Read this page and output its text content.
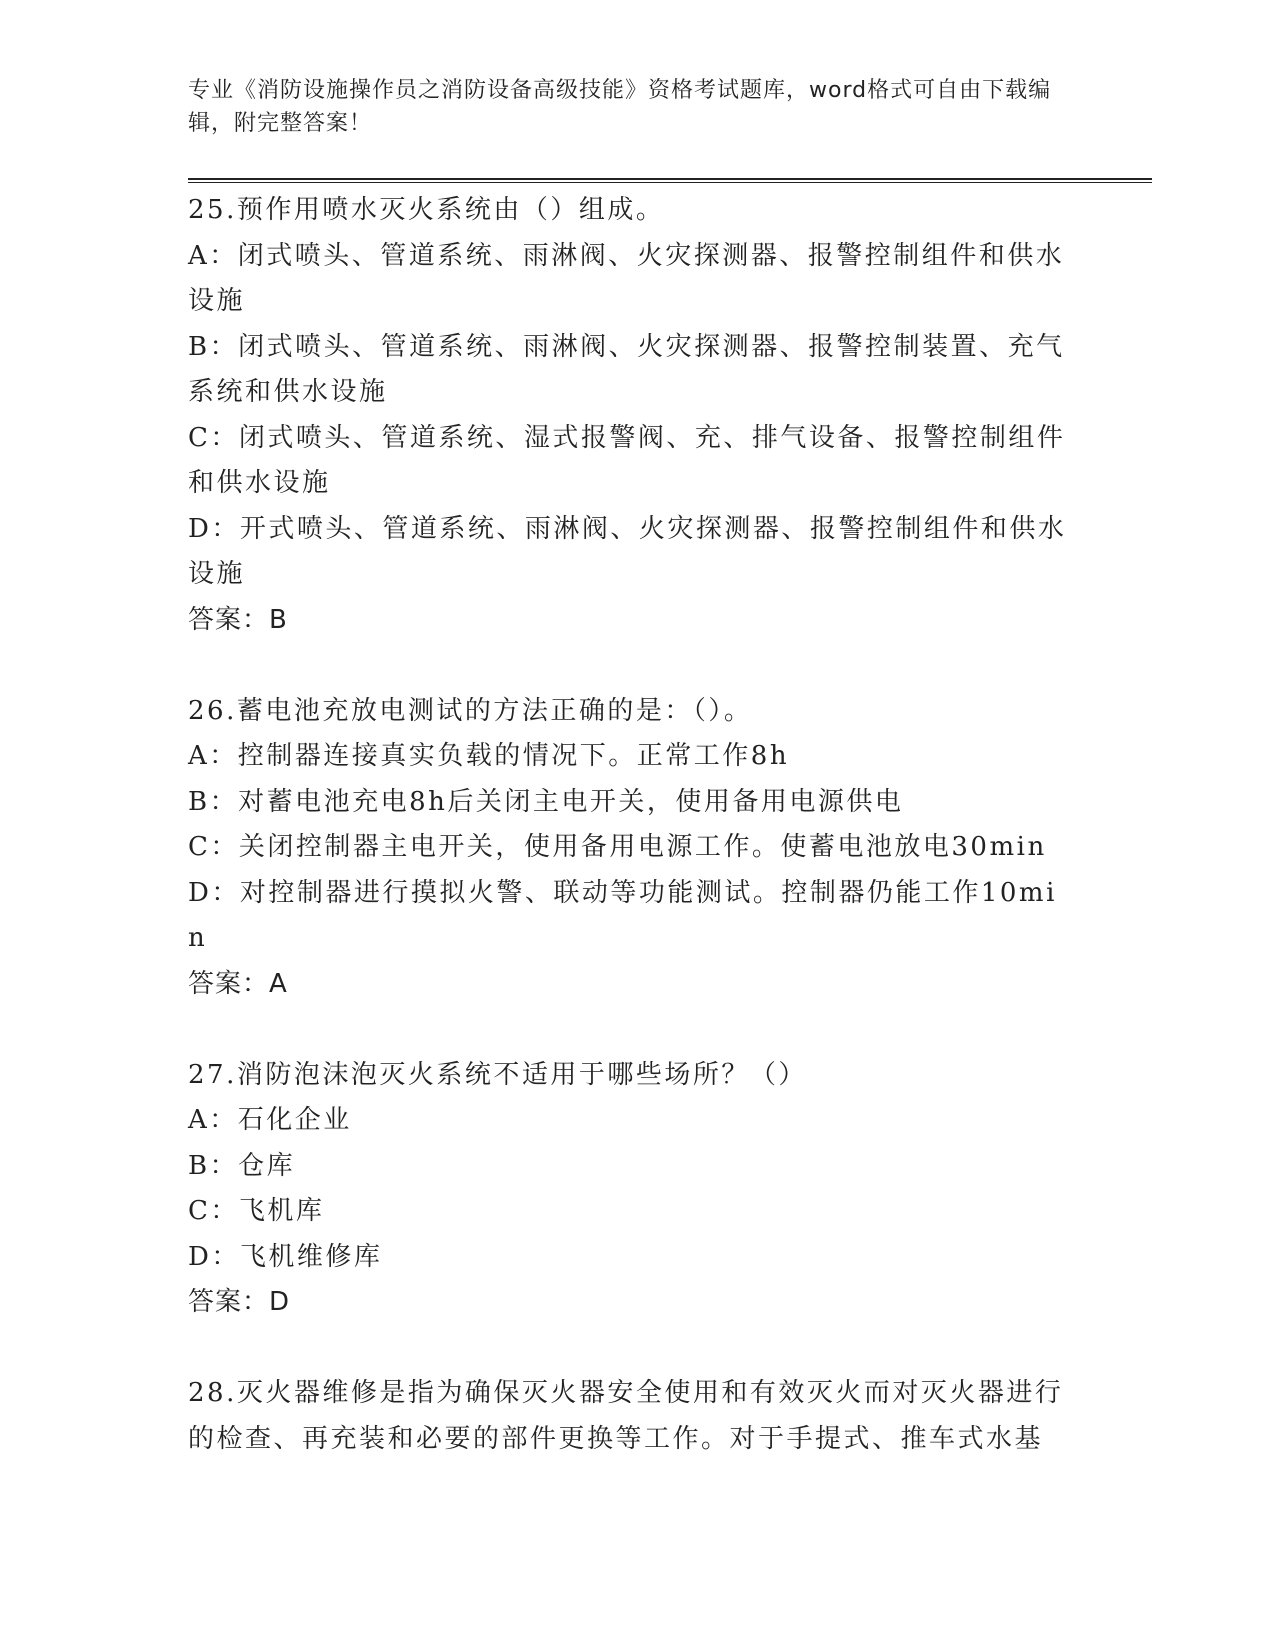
专业《消防设施操作员之消防设备高级技能》资格考试题库，word格式可自由下载编辑，附完整答案！
25.预作用喷水灭火系统由（）组成。
A：闭式喷头、管道系统、雨淋阀、火灾探测器、报警控制组件和供水设施
B：闭式喷头、管道系统、雨淋阀、火灾探测器、报警控制装置、充气系统和供水设施
C：闭式喷头、管道系统、湿式报警阀、充、排气设备、报警控制组件和供水设施
D：开式喷头、管道系统、雨淋阀、火灾探测器、报警控制组件和供水设施
答案：B
26.蓄电池充放电测试的方法正确的是：（）。
A：控制器连接真实负载的情况下。正常工作8h
B：对蓄电池充电8h后关闭主电开关，使用备用电源供电
C：关闭控制器主电开关，使用备用电源工作。使蓄电池放电30min
D：对控制器进行摸拟火警、联动等功能测试。控制器仍能工作10min
答案：A
27.消防泡沫泡灭火系统不适用于哪些场所？（）
A：石化企业
B：仓库
C：飞机库
D：飞机维修库
答案：D
28.灭火器维修是指为确保灭火器安全使用和有效灭火而对灭火器进行的检查、再充装和必要的部件更换等工作。对于手提式、推车式水基
